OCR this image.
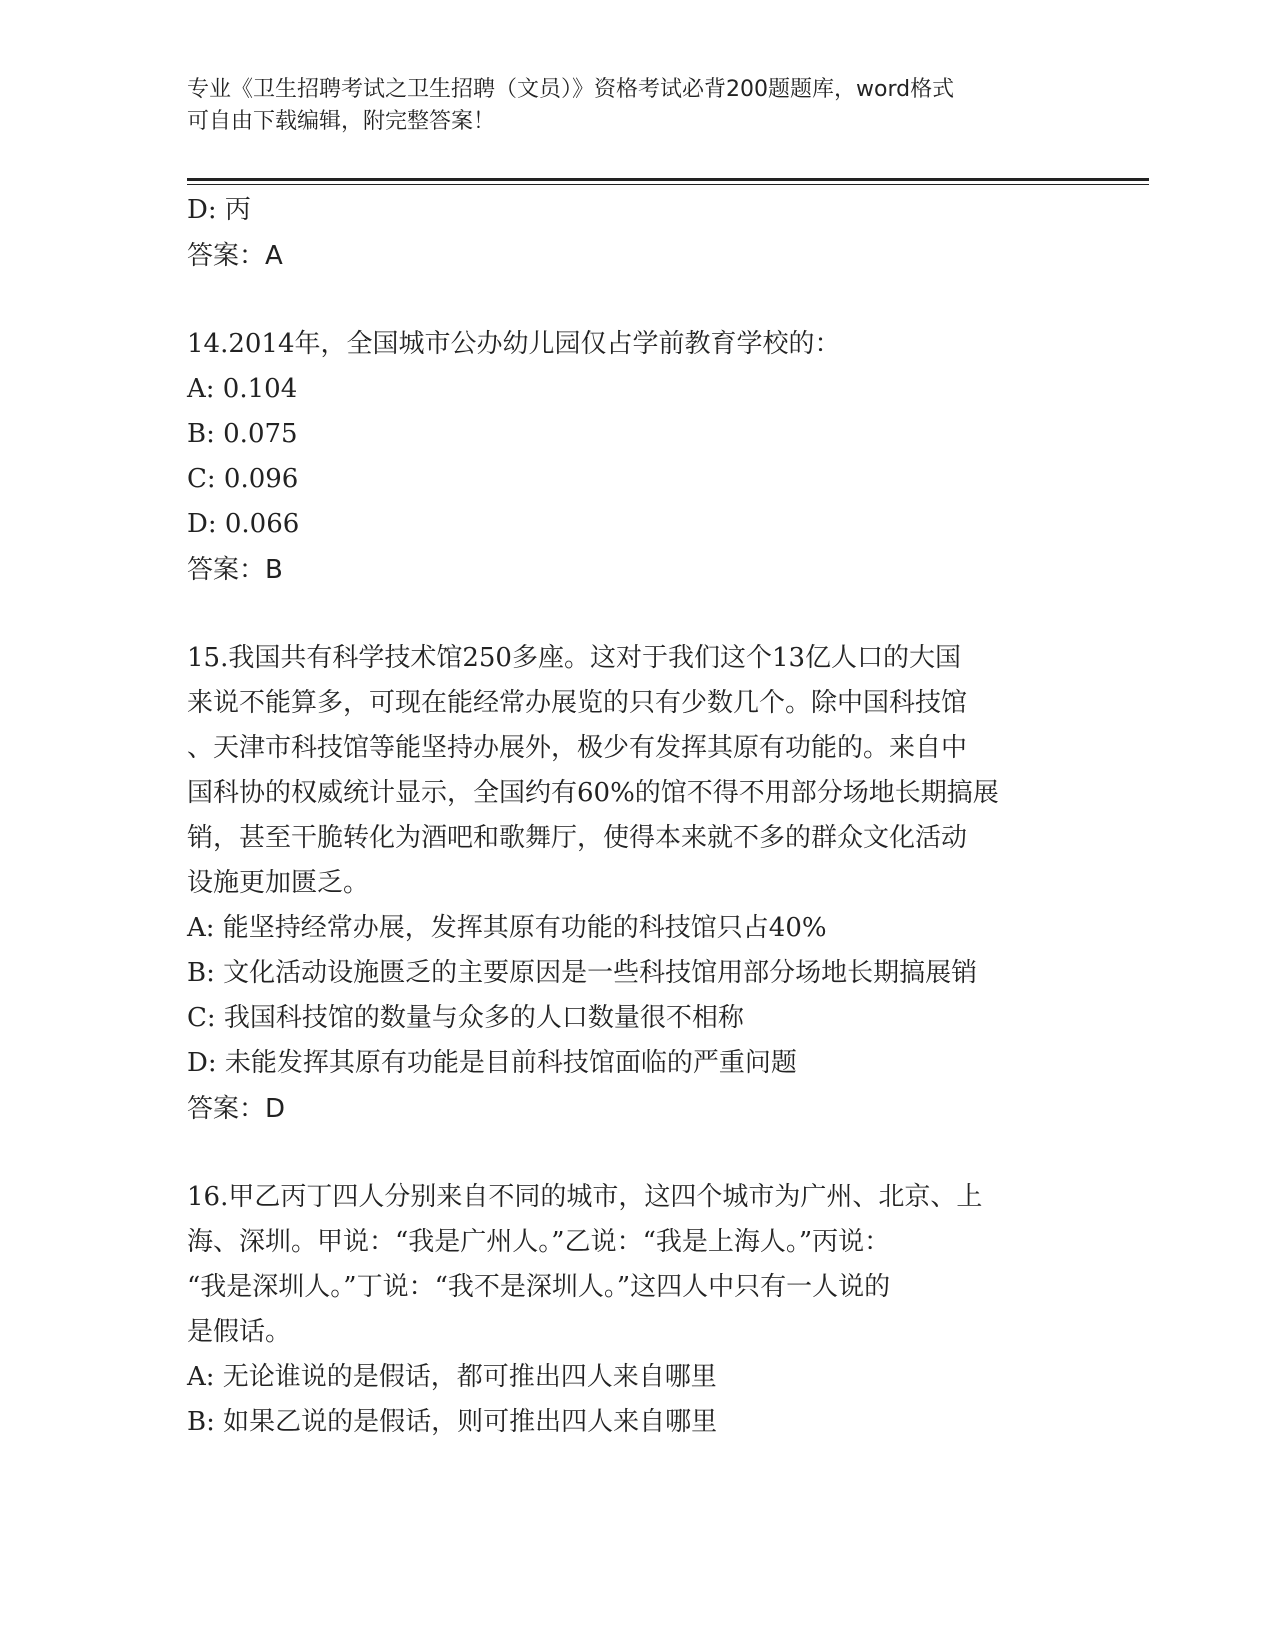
专业《卫生招聘考试之卫生招聘（文员）》资格考试必背200题题库，word格式
可自由下载编辑，附完整答案！
D: 丙
答案：A
14.2014年，全国城市公办幼儿园仅占学前教育学校的：
A: 0.104
B: 0.075
C: 0.096
D: 0.066
答案：B
15.我国共有科学技术馆250多座。这对于我们这个13亿人口的大国
来说不能算多，可现在能经常办展览的只有少数几个。除中国科技馆
、天津市科技馆等能坚持办展外，极少有发挥其原有功能的。来自中
国科协的权威统计显示，全国约有60%的馆不得不用部分场地长期搞展
销，甚至干脆转化为酒吧和歌舞厅，使得本来就不多的群众文化活动
设施更加匮乏。
A: 能坚持经常办展，发挥其原有功能的科技馆只占40%
B: 文化活动设施匮乏的主要原因是一些科技馆用部分场地长期搞展销
C: 我国科技馆的数量与众多的人口数量很不相称
D: 未能发挥其原有功能是目前科技馆面临的严重问题
答案：D
16.甲乙丙丁四人分别来自不同的城市，这四个城市为广州、北京、上
海、深圳。甲说：“我是广州人。”乙说：“我是上海人。”丙说：
“我是深圳人。”丁说：“我不是深圳人。”这四人中只有一人说的
是假话。
A: 无论谁说的是假话，都可推出四人来自哪里
B: 如果乙说的是假话，则可推出四人来自哪里
